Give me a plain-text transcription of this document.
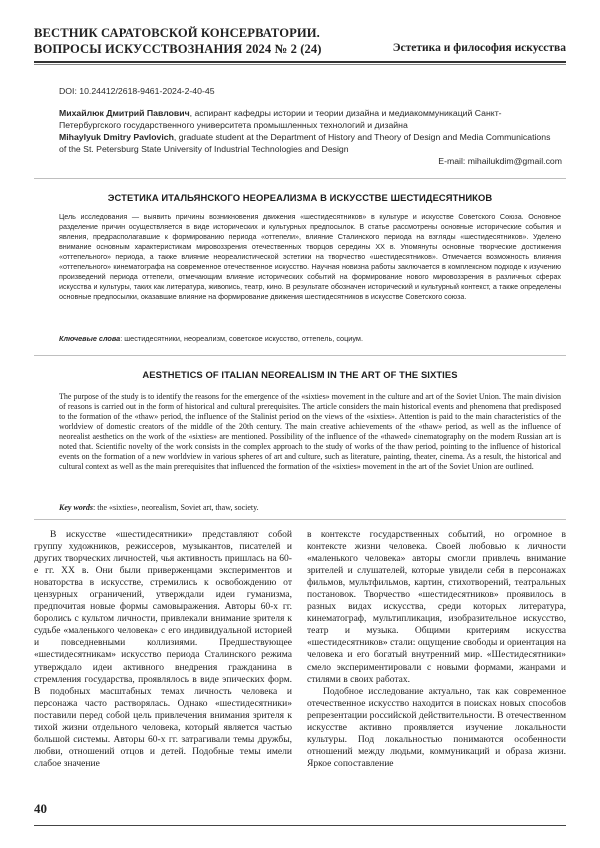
ВЕСТНИК САРАТОВСКОЙ КОНСЕРВАТОРИИ.
ВОПРОСЫ ИСКУССТВОЗНАНИЯ 2024 № 2 (24)	Эстетика и философия искусства
DOI: 10.24412/2618-9461-2024-2-40-45
Михайлюк Дмитрий Павлович, аспирант кафедры истории и теории дизайна и медиакоммуникаций Санкт-Петербургского государственного университета промышленных технологий и дизайна
Mihaylyuk Dmitry Pavlovich, graduate student at the Department of History and Theory of Design and Media Communications of the St. Petersburg State University of Industrial Technologies and Design
E-mail: mihailukdim@gmail.com
ЭСТЕТИКА ИТАЛЬЯНСКОГО НЕОРЕАЛИЗМА В ИСКУССТВЕ ШЕСТИДЕСЯТНИКОВ
Цель исследования — выявить причины возникновения движения «шестидесятников» в культуре и искусстве Советского Союза. Основное разделение причин осуществляется в виде исторических и культурных предпосылок. В статье рассмотрены основные исторические события и явления, предрасполагавшие к формированию периода «оттепели», влияние Сталинского периода на взгляды «шестидесятников». Уделено внимание основным характеристикам мировоззрения отечественных творцов середины XX в. Упомянуты основные творческие достижения «оттепельного» периода, а также влияние неореалистической эстетики на творчество «шестидесятников». Отмечается возможность влияния «оттепельного» кинематографа на современное отечественное искусство. Научная новизна работы заключается в комплексном подходе к изучению произведений периода оттепели, отмечающим влияние исторических событий на формирование нового мировоззрения в различных сферах искусства и культуры, таких как литература, живопись, театр, кино. В результате обозначен исторический и культурный контекст, а также определены основные предпосылки, оказавшие влияние на формирование движения шестидесятников в искусстве Советского союза.
Ключевые слова: шестидесятники, неореализм, советское искусство, оттепель, социум.
AESTHETICS OF ITALIAN NEOREALISM IN THE ART OF THE SIXTIES
The purpose of the study is to identify the reasons for the emergence of the «sixties» movement in the culture and art of the Soviet Union. The main division of reasons is carried out in the form of historical and cultural prerequisites. The article considers the main historical events and phenomena that predisposed to the formation of the «thaw» period, the influence of the Stalinist period on the views of the «sixties». Attention is paid to the main characteristics of the worldview of domestic creators of the middle of the 20th century. The main creative achievements of the «thaw» period, as well as the influence of neorealist aesthetics on the work of the «sixties» are mentioned. Possibility of the influence of the «thawed» cinematography on the modern Russian art is noted that. Scientific novelty of the work consists in the complex approach to the study of works of the thaw period, pointing to the influence of historical events on the formation of a new worldview in various spheres of art and culture, such as literature, painting, theater, cinema. As a result, the historical and cultural context as well as the main prerequisites that influenced the formation of the «sixties» movement in the art of the Soviet Union are outlined.
Key words: the «sixties», neorealism, Soviet art, thaw, society.

В искусстве «шестидесятники» представляют собой группу художников, режиссеров, музыкантов, писателей и других творческих личностей, чья активность пришлась на 60-е гг. XX в. Они были приверженцами экспериментов и новаторства в искусстве, стремились к освобождению от цензурных ограничений, утверждали идеи гуманизма, предпочитая новые формы самовыражения. Авторы 60-х гг. боролись с культом личности, привлекали внимание зрителя к судьбе «маленького человека» с его индивидуальной историей и повседневными коллизиями. Предшествующее «шестидесятникам» искусство периода Сталинского режима утверждало идеи активного внедрения гражданина в стремления государства, проявлялось в виде эпических форм. В подобных масштабных темах личность человека и персонажа часто растворялась. Однако «шестидесятники» поставили перед собой цель привлечения внимания зрителя к тихой жизни отдельного человека, который является частью большой системы. Авторы 60-х гг. затрагивали темы дружбы, любви, отношений отцов и детей. Подобные темы имели слабое значение

в контексте государственных событий, но огромное в контексте жизни человека. Своей любовью к личности «маленького человека» авторы смогли привлечь внимание зрителей и слушателей, которые увидели себя в персонажах фильмов, мультфильмов, картин, стихотворений, театральных постановок. Творчество «шестидесятников» проявилось в разных видах искусства, среди которых литература, кинематограф, мультипликация, изобразительное искусство, театр и музыка. Общими критериям искусства «шестидесятников» стали: ощущение свободы и ориентация на человека и его богатый внутренний мир. «Шестидесятники» смело экспериментировали с новыми формами, жанрами и стилями в своих работах.

Подобное исследование актуально, так как современное отечественное искусство находится в поисках новых способов репрезентации российской действительности. В отечественном искусстве активно проявляется изучение локальности культуры. Под локальностью понимаются особенности отношений между людьми, коммуникаций и образа жизни. Яркое сопоставление

40
